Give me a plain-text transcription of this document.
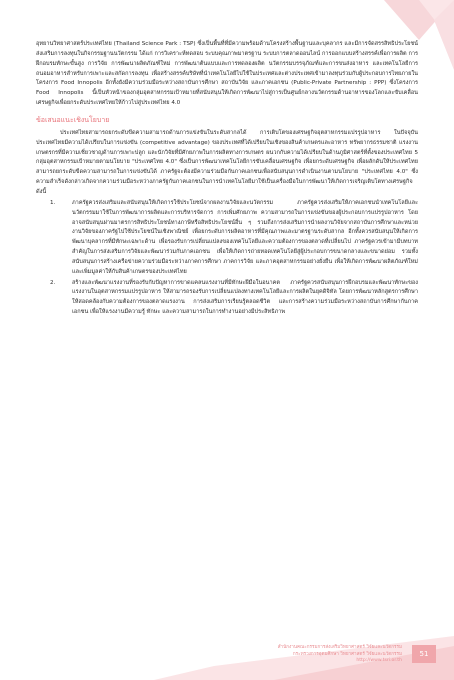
อุทยานวิทยาศาสตร์ประเทศไทย (Thailand Science Park : TSP) ซึ่งเป็นพื้นที่ที่มีความพร้อมด้านโครงสร้างพื้นฐานและบุคลากร และมีการจัดสรรสิทธิประโยชน์ส่งเสริมการลงทุนในกิจกรรมฐานนวัตกรรม ได้แก่ การวิเคราะห์ทดสอบ ระบบคุณภาพมาตรฐาน ระบบการตลาดออนไลน์ การออกแบบสร้างสรรค์เพื่อการผลิต การฝึกอบรมทักษะขั้นสูง การวิจัย การพัฒนาผลิตภัณฑ์ใหม่ การพัฒนาต้นแบบและการทดลองผลิต นวัตกรรมบรรจุภัณฑ์และการขนส่งอาหาร และเทคโนโลยีการถนอมอาหารสำหรับการเพาะและสกัดการลงทุน เพื่อสร้างสรรค์บริษัทที่นำเทคโนโลยีไปใช้ในประเทศและต่างประเทศเข้ามาลงทุนร่วมกับผู้ประกอบการไทยภายในโครงการ Food Innopolis อีกทั้งยังมีความร่วมมือระหว่างสถาบันการศึกษา สถาบันวิจัย และภาคเอกชน (Public-Private Partnership : PPP) ซึ่งโครงการ Food Innopolis นี้เป็นหัวหน้าของกลุ่มอุตสาหกรรมเป้าหมายที่สนับสนุนให้เกิดการพัฒนาไปสู่การเป็นศูนย์กลางนวัตกรรมด้านอาหารของโลกและขับเคลื่อนเศรษฐกิจเพื่อยกระดับประเทศไทยให้ก้าวไปสู่ประเทศไทย 4.0

ข้อเสนอแนะเชิงนโยบาย

ประเทศไทยสามารถยกระดับขีดความสามารถด้านการแข่งขันในระดับสากลได้ การเติบโตของเศรษฐกิจอุตสาหกรรมแปรรูปอาหาร ในปัจจุบันประเทศไทยมีความได้เปรียบในการแข่งขัน (competitive advantage) ของประเทศที่ได้เปรียบในเชิงของสินค้าเกษตรและอาหาร ทรัพยากรธรรมชาติ แรงงาน เกษตรกรที่มีความเชี่ยวชาญด้านการเพาะปลูก และนักวิจัยที่มีศักยภาพในการผลิตทางการเกษตร ผนวกกับความได้เปรียบในด้านภูมิศาสตร์ที่ตั้งของประเทศไทย 5 กลุ่มอุตสาหกรรมเป้าหมายตามนโยบาย "ประเทศไทย 4.0" ซึ่งเป็นการพัฒนาเทคโนโลยีการขับเคลื่อนเศรษฐกิจ เพื่อยกระดับเศรษฐกิจ เพื่อผลักดันให้ประเทศไทยสามารถยกระดับขีดความสามารถในการแข่งขันได้ ภาครัฐจะต้องมีความร่วมมือกับภาคเอกชนเพื่อสนับสนุนการดำเนินงานตามนโยบาย "ประเทศไทย 4.0" ซึ่งความสำเร็จดังกล่าวเกิดจากความร่วมมือระหว่างภาครัฐกับภาคเอกชนในการนำเทคโนโลยีมาใช้เป็นเครื่องมือในการพัฒนาให้เกิดการเจริญเติบโตทางเศรษฐกิจ ดังนี้

1.	ภาครัฐควรส่งเสริมและสนับสนุนให้เกิดการใช้ประโยชน์จากผลงานวิจัยและนวัตกรรม ภาครัฐควรส่งเสริมให้ภาคเอกชนนำเทคโนโลยีและนวัตกรรมมาใช้ในการพัฒนาการผลิตและการบริหารจัดการ การเพิ่มศักยภาพ ความสามารถในการแข่งขันของผู้ประกอบการแปรรูปอาหาร โดยอาจสนับสนุนผ่านมาตรการสิทธิประโยชน์ทางภาษีหรือสิทธิประโยชน์อื่น ๆ รวมถึงการส่งเสริมการนำผลงานวิจัยจากสถาบันการศึกษาและหน่วยงานวิจัยของภาครัฐไปใช้ประโยชน์ในเชิงพาณิชย์ เพื่อยกระดับการผลิตอาหารที่มีคุณภาพและมาตรฐานระดับสากล อีกทั้งควรสนับสนุนให้เกิดการพัฒนาบุคลากรที่มีทักษะเฉพาะด้าน เพื่อรองรับการเปลี่ยนแปลงของเทคโนโลยีและความต้องการของตลาดที่เปลี่ยนไป ภาครัฐควรเข้ามามีบทบาทสำคัญในการส่งเสริมการวิจัยและพัฒนาร่วมกับภาคเอกชน เพื่อให้เกิดการถ่ายทอดเทคโนโลยีสู่ผู้ประกอบการขนาดกลางและขนาดย่อม รวมทั้งสนับสนุนการสร้างเครือข่ายความร่วมมือระหว่างภาคการศึกษา ภาคการวิจัย และภาคอุตสาหกรรมอย่างยั่งยืน เพื่อให้เกิดการพัฒนาผลิตภัณฑ์ใหม่และเพิ่มมูลค่าให้กับสินค้าเกษตรของประเทศไทย
2.	สร้างและพัฒนาแรงงานที่รองรับกับปัญหาการขาดแคลนแรงงานที่มีทักษะฝีมือในอนาคต ภาครัฐควรสนับสนุนการฝึกอบรมและพัฒนาทักษะของแรงงานในอุตสาหกรรมแปรรูปอาหาร ให้สามารถรองรับการเปลี่ยนแปลงทางเทคโนโลยีและการผลิตในยุคดิจิทัล โดยการพัฒนาหลักสูตรการศึกษาให้สอดคล้องกับความต้องการของตลาดแรงงาน การส่งเสริมการเรียนรู้ตลอดชีวิต และการสร้างความร่วมมือระหว่างสถาบันการศึกษากับภาคเอกชน เพื่อให้แรงงานมีความรู้ ทักษะ และความสามารถในการทำงานอย่างมีประสิทธิภาพ
สำนักงานคณะกรรมการส่งเสริมวิทยาศาสตร์ วิจัยและนวัตกรรม
กระทรวงการอุดมศึกษา วิทยาศาสตร์ วิจัยและนวัตกรรม
http://www.tsri.or.th
51
